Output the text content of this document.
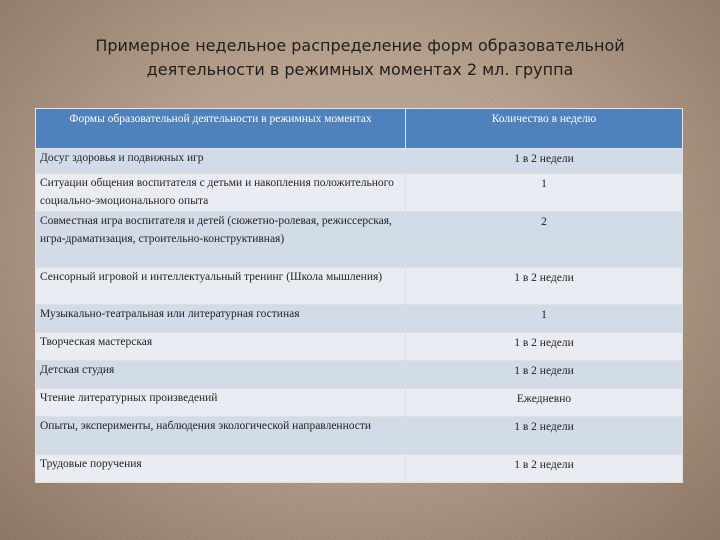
Примерное недельное распределение форм образовательной деятельности в режимных моментах 2 мл. группа
Формы образовательной деятельности в режимных моментах	Количество в неделю
Досуг здоровья и подвижных игр	1 в 2 недели
Ситуации общения воспитателя с детьми и накопления положительного социально-эмоционального опыта	1
Совместная игра воспитателя и детей (сюжетно-ролевая, режиссерская, игра-драматизация, строительно-конструктивная)	2
Сенсорный игровой и интеллектуальный тренинг (Школа мышления)	1 в 2 недели
Музыкально-театральная или литературная гостиная	1
Творческая мастерская	1 в 2 недели
Детская студия	1 в 2 недели
Чтение литературных произведений	Ежедневно
Опыты, эксперименты, наблюдения экологической направленности	1 в 2 недели
Трудовые поручения	1 в 2 недели
